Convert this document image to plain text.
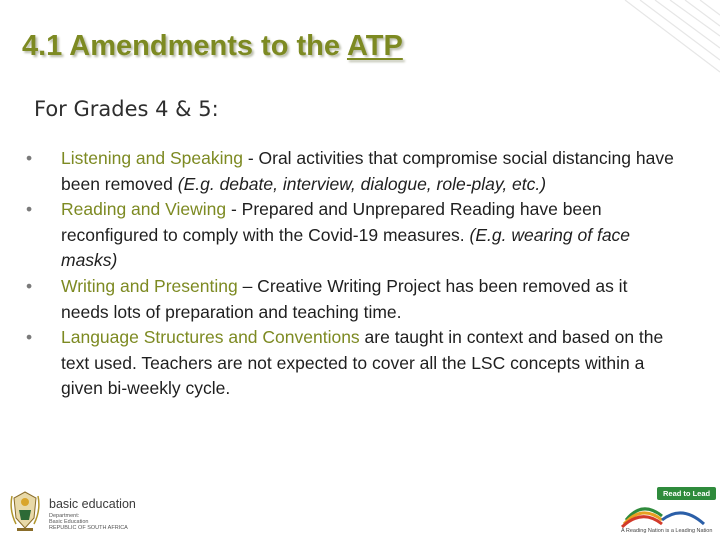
4.1 Amendments to the ATP
For Grades 4 & 5:
• Listening and Speaking - Oral activities that compromise social distancing have been removed (E.g. debate, interview, dialogue, role-play, etc.)
• Reading and Viewing - Prepared and Unprepared Reading have been reconfigured to comply with the Covid-19 measures. (E.g. wearing of face masks)
• Writing and Presenting – Creative Writing Project has been removed as it needs lots of preparation and teaching time.
• Language Structures and Conventions are taught in context and based on the text used. Teachers are not expected to cover all the LSC concepts within a given bi-weekly cycle.
basic education
Department:
Basic Education
REPUBLIC OF SOUTH AFRICA
Read to Lead
A Reading Nation is a Leading Nation
